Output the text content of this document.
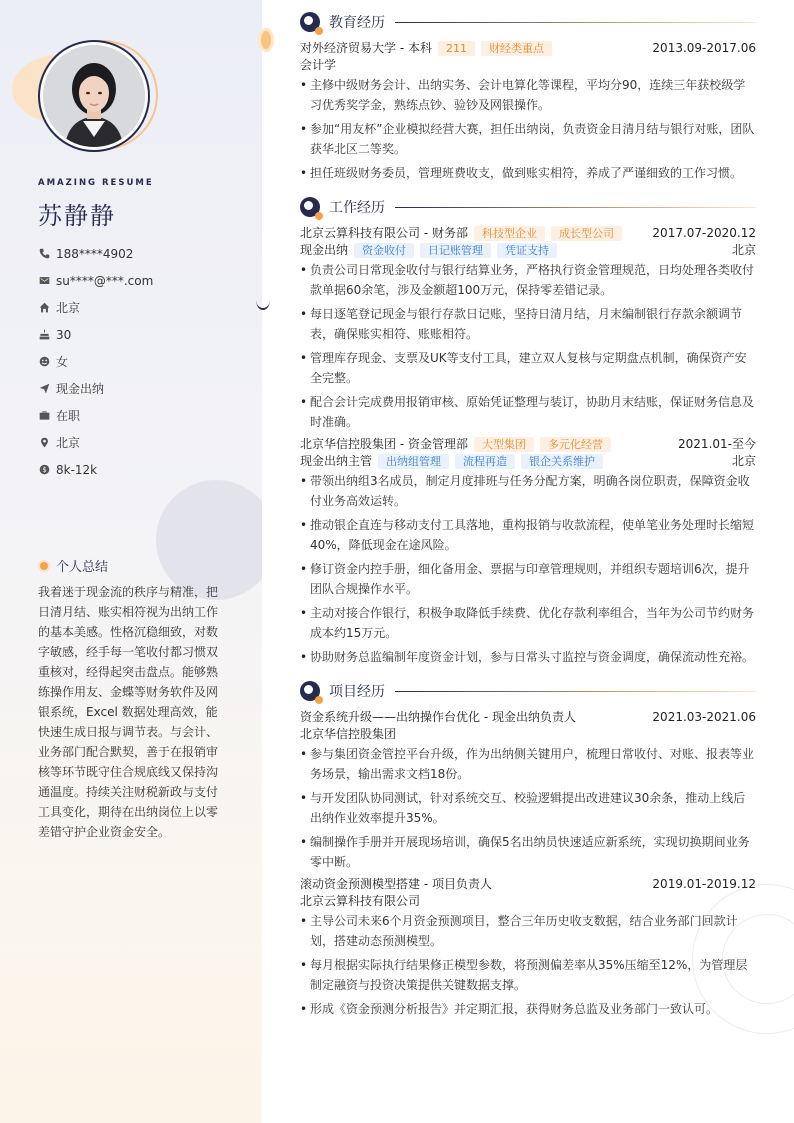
AMAZING RESUME
苏静静
188****4902
su****@***.com
北京
30
女
现金出纳
在职
北京
$ 8k-12k
个人总结

我着迷于现金流的秩序与精准，把日清月结、账实相符视为出纳工作的基本美感。性格沉稳细致，对数字敏感，经手每一笔收付都习惯双重核对，经得起突击盘点。能够熟练操作用友、金蝶等财务软件及网银系统，Excel 数据处理高效，能快速生成日报与调节表。与会计、业务部门配合默契，善于在报销审核等环节既守住合规底线又保持沟通温度。持续关注财税新政与支付工具变化，期待在出纳岗位上以零差错守护企业资金安全。

教育经历
对外经济贸易大学 - 本科	211	财经类重点	2013.09-2017.06
会计学
• 主修中级财务会计、出纳实务、会计电算化等课程，平均分90，连续三年获校级学习优秀奖学金，熟练点钞、验钞及网银操作。
• 参加“用友杯”企业模拟经营大赛，担任出纳岗，负责资金日清月结与银行对账，团队获华北区二等奖。
• 担任班级财务委员，管理班费收支，做到账实相符，养成了严谨细致的工作习惯。
工作经历
北京云算科技有限公司 - 财务部	科技型企业	成长型公司	2017.07-2020.12
现金出纳	资金收付	日记账管理	凭证支持	北京
• 负责公司日常现金收付与银行结算业务，严格执行资金管理规范，日均处理各类收付款单据60余笔，涉及金额超100万元，保持零差错记录。
• 每日逐笔登记现金与银行存款日记账，坚持日清月结，月末编制银行存款余额调节表，确保账实相符、账账相符。
• 管理库存现金、支票及UK等支付工具，建立双人复核与定期盘点机制，确保资产安全完整。
• 配合会计完成费用报销审核、原始凭证整理与装订，协助月末结账，保证财务信息及时准确。
北京华信控股集团 - 资金管理部	大型集团	多元化经营	2021.01-至今
现金出纳主管	出纳组管理	流程再造	银企关系维护	北京
• 带领出纳组3名成员，制定月度排班与任务分配方案，明确各岗位职责，保障资金收付业务高效运转。
• 推动银企直连与移动支付工具落地，重构报销与收款流程，使单笔业务处理时长缩短40%，降低现金在途风险。
• 修订资金内控手册，细化备用金、票据与印章管理规则，并组织专题培训6次，提升团队合规操作水平。
• 主动对接合作银行，积极争取降低手续费、优化存款利率组合，当年为公司节约财务成本约15万元。
• 协助财务总监编制年度资金计划，参与日常头寸监控与资金调度，确保流动性充裕。
项目经历
资金系统升级——出纳操作台优化 - 现金出纳负责人	2021.03-2021.06
北京华信控股集团
• 参与集团资金管控平台升级，作为出纳侧关键用户，梳理日常收付、对账、报表等业务场景，输出需求文档18份。
• 与开发团队协同测试，针对系统交互、校验逻辑提出改进建议30余条，推动上线后出纳作业效率提升35%。
• 编制操作手册并开展现场培训，确保5名出纳员快速适应新系统，实现切换期间业务零中断。
滚动资金预测模型搭建 - 项目负责人	2019.01-2019.12
北京云算科技有限公司
• 主导公司未来6个月资金预测项目，整合三年历史收支数据，结合业务部门回款计划，搭建动态预测模型。
• 每月根据实际执行结果修正模型参数，将预测偏差率从35%压缩至12%，为管理层制定融资与投资决策提供关键数据支撑。
• 形成《资金预测分析报告》并定期汇报，获得财务总监及业务部门一致认可。
